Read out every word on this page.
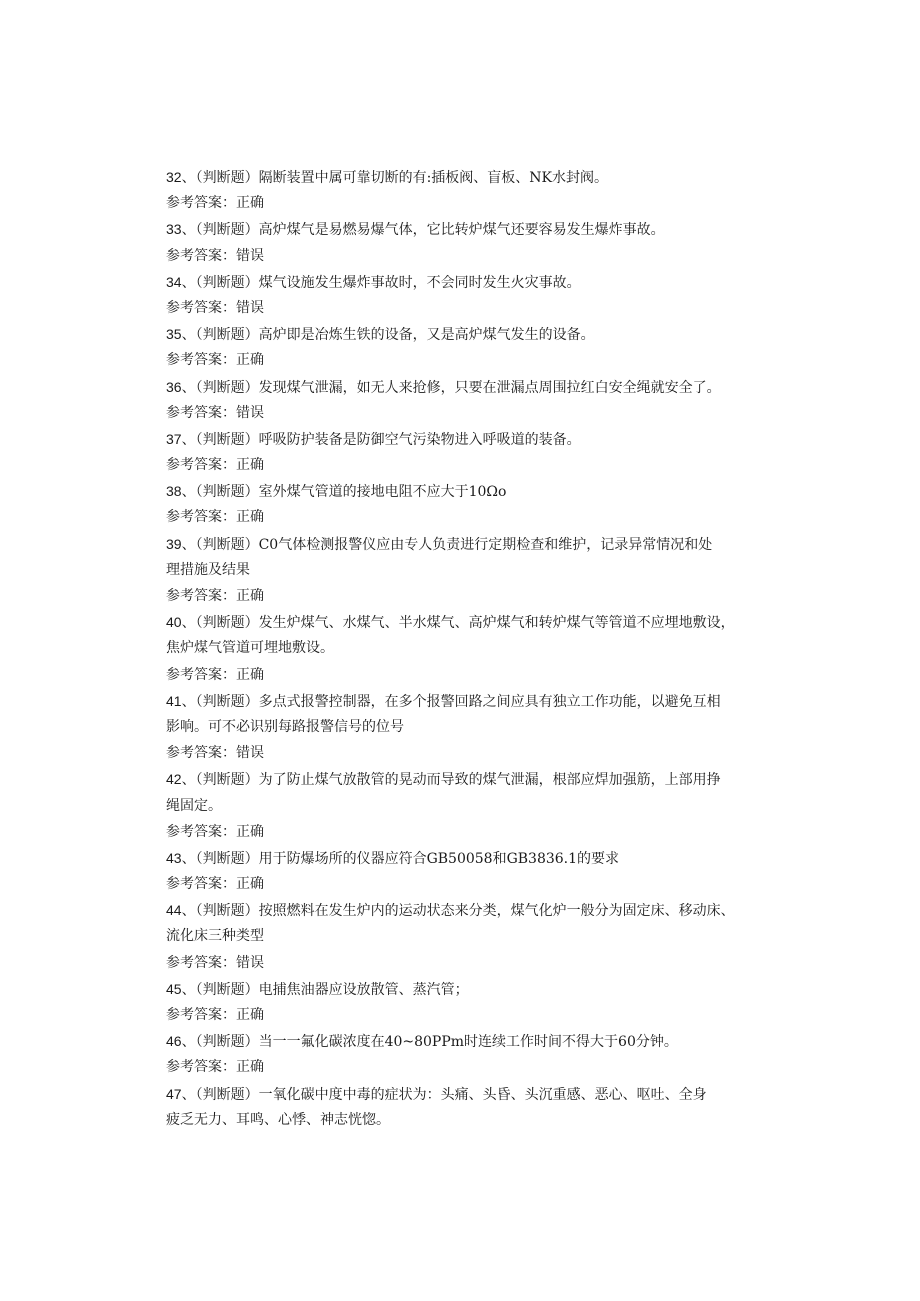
32、（判断题）隔断装置中属可靠切断的有:插板阀、盲板、NK水封阀。
参考答案：正确
33、（判断题）高炉煤气是易燃易爆气体，它比转炉煤气还要容易发生爆炸事故。
参考答案：错误
34、（判断题）煤气设施发生爆炸事故时，不会同时发生火灾事故。
参考答案：错误
35、（判断题）高炉即是冶炼生铁的设备，又是高炉煤气发生的设备。
参考答案：正确
36、（判断题）发现煤气泄漏，如无人来抢修，只要在泄漏点周围拉红白安全绳就安全了。
参考答案：错误
37、（判断题）呼吸防护装备是防御空气污染物进入呼吸道的装备。
参考答案：正确
38、（判断题）室外煤气管道的接地电阻不应大于10Ωo
参考答案：正确
39、（判断题）C0气体检测报警仪应由专人负责进行定期检查和维护，记录异常情况和处
理措施及结果
参考答案：正确
40、（判断题）发生炉煤气、水煤气、半水煤气、高炉煤气和转炉煤气等管道不应埋地敷设，
焦炉煤气管道可埋地敷设。
参考答案：正确
41、（判断题）多点式报警控制器，在多个报警回路之间应具有独立工作功能，以避免互相
影响。可不必识别每路报警信号的位号
参考答案：错误
42、（判断题）为了防止煤气放散管的晃动而导致的煤气泄漏，根部应焊加强筋，上部用挣
绳固定。
参考答案：正确
43、（判断题）用于防爆场所的仪器应符合GB50058和GB3836.1的要求
参考答案：正确
44、（判断题）按照燃料在发生炉内的运动状态来分类，煤气化炉一般分为固定床、移动床、
流化床三种类型
参考答案：错误
45、（判断题）电捕焦油器应设放散管、蒸汽管；
参考答案：正确
46、（判断题）当一一氟化碳浓度在40~80PPm时连续工作时间不得大于60分钟。
参考答案：正确
47、（判断题）一氧化碳中度中毒的症状为：头痛、头昏、头沉重感、恶心、呕吐、全身
疲乏无力、耳鸣、心悸、神志恍惚。
